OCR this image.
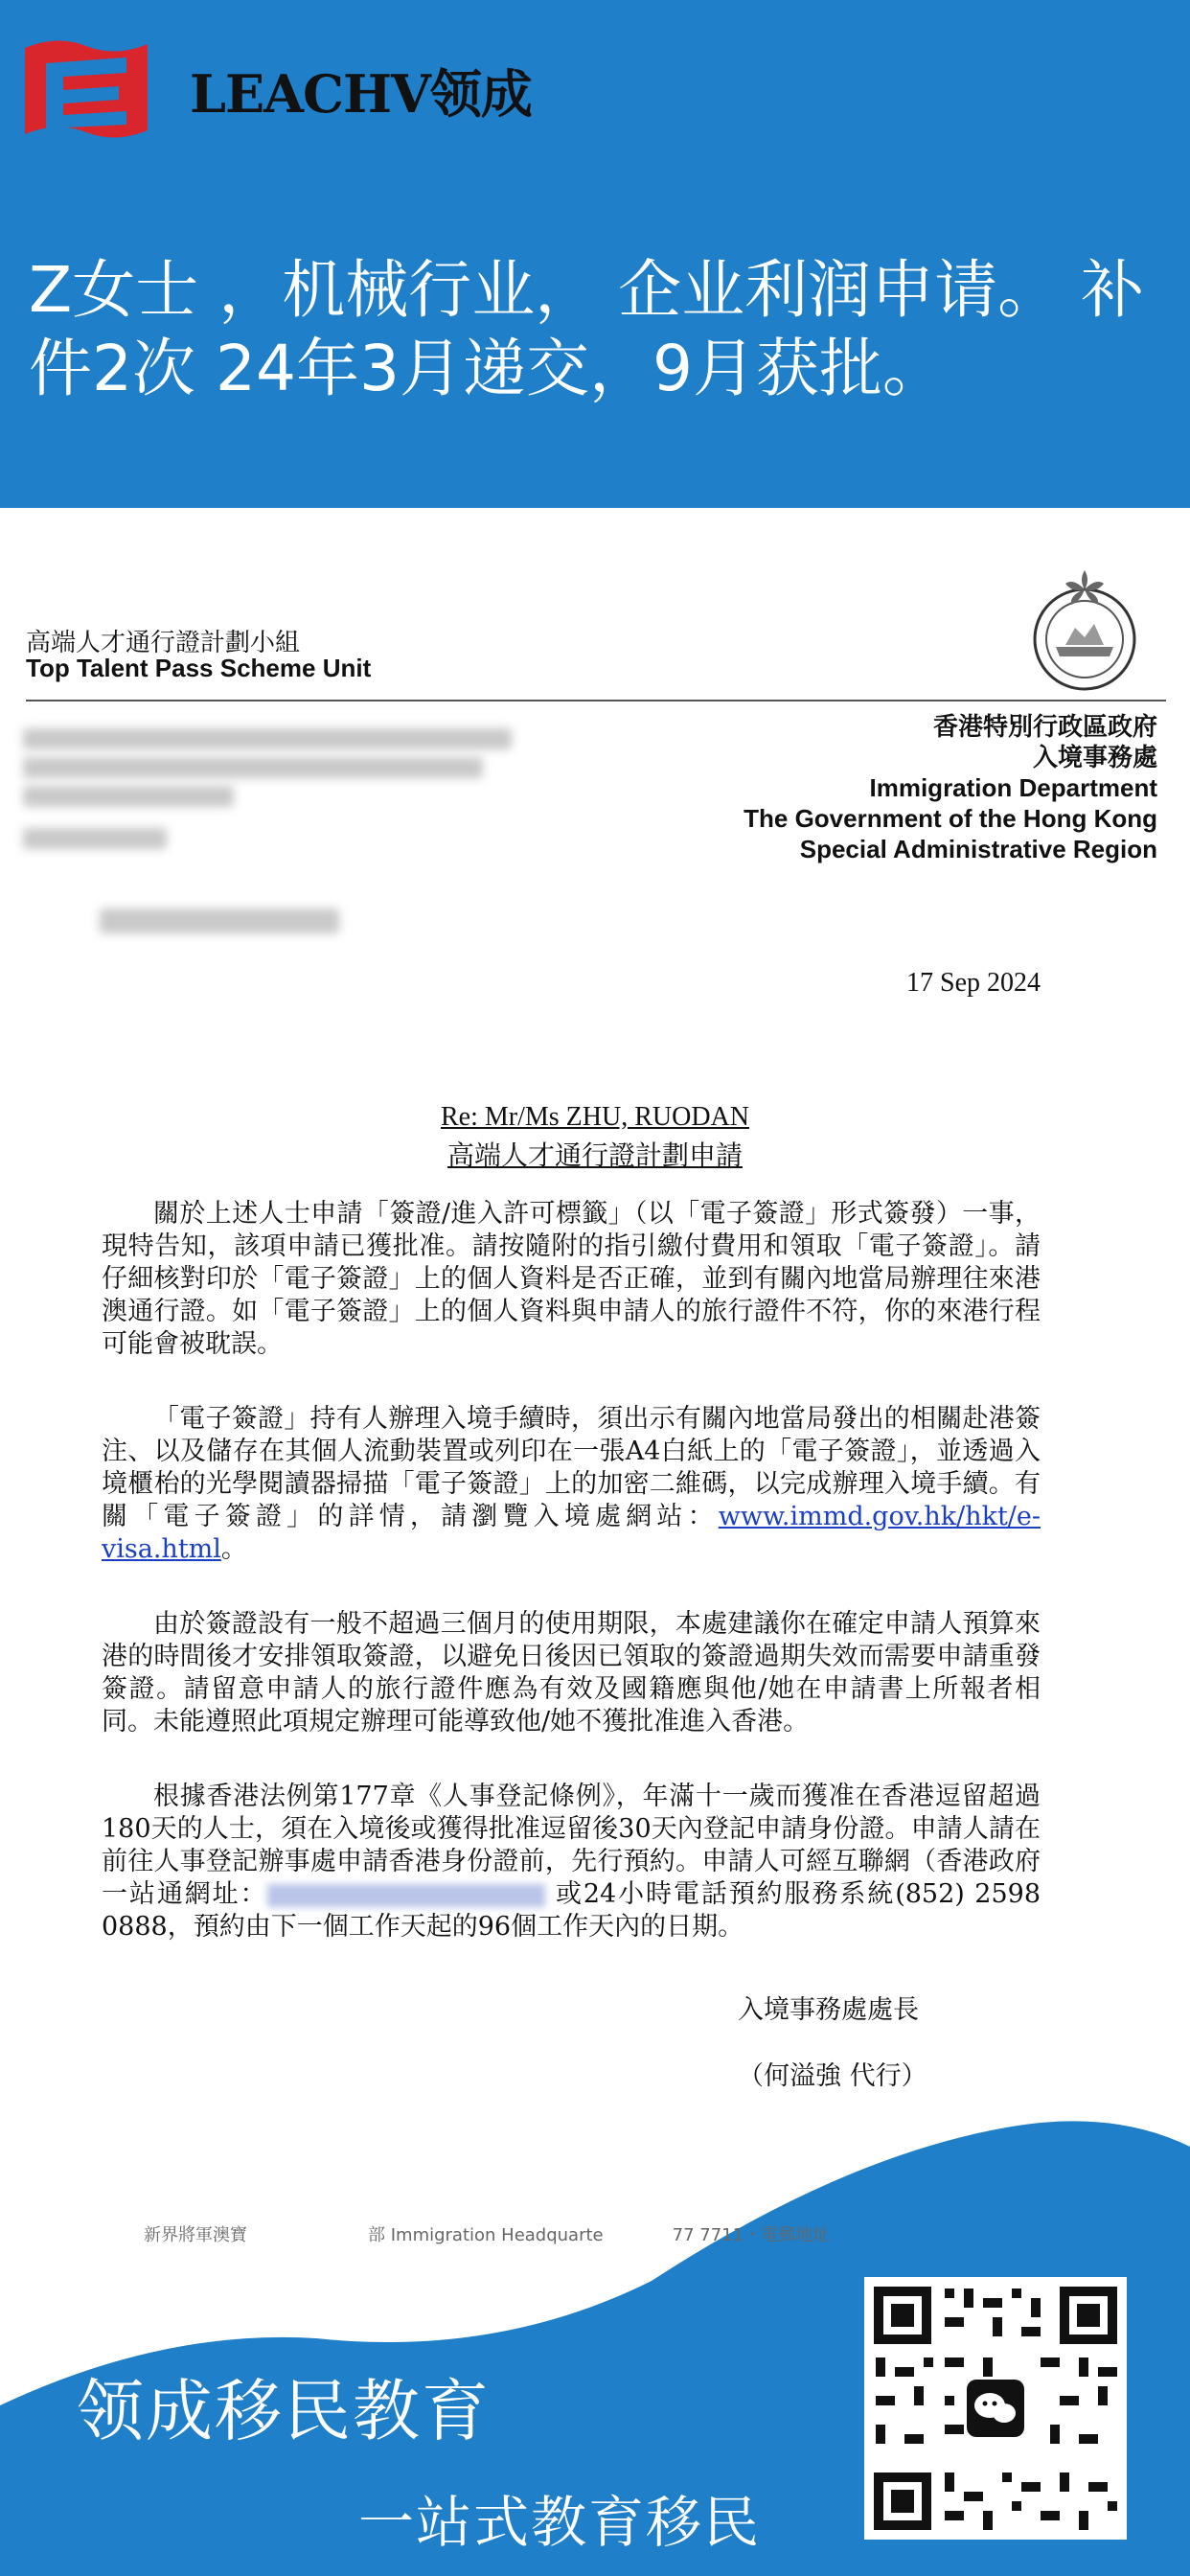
LEACHV领成
Z女士 ，机械行业， 企业利润申请。 补件2次 24年3月递交，9月获批。
高端人才通行證計劃小組
Top Talent Pass Scheme Unit
香港特別行政區政府
入境事務處
Immigration Department
The Government of the Hong Kong
Special Administrative Region
17 Sep 2024
Re: Mr/Ms ZHU, RUODAN
高端人才通行證計劃申請

關於上述人士申請「簽證/進入許可標籤」（以「電子簽證」形式簽發）一事，現特告知，該項申請已獲批准。請按隨附的指引繳付費用和領取「電子簽證」。請仔細核對印於「電子簽證」上的個人資料是否正確，並到有關內地當局辦理往來港澳通行證。如「電子簽證」上的個人資料與申請人的旅行證件不符，你的來港行程可能會被耽誤。

「電子簽證」持有人辦理入境手續時，須出示有關內地當局發出的相關赴港簽注、以及儲存在其個人流動裝置或列印在一張A4白紙上的「電子簽證」，並透過入境櫃枱的光學閱讀器掃描「電子簽證」上的加密二維碼，以完成辦理入境手續。有關「電子簽證」的詳情，請瀏覽入境處網站：www.immd.gov.hk/hkt/e-visa.html。

由於簽證設有一般不超過三個月的使用期限，本處建議你在確定申請人預算來港的時間後才安排領取簽證，以避免日後因已領取的簽證過期失效而需要申請重發簽證。請留意申請人的旅行證件應為有效及國籍應與他/她在申請書上所報者相同。未能遵照此項規定辦理可能導致他/她不獲批准進入香港。

根據香港法例第177章《人事登記條例》，年滿十一歲而獲准在香港逗留超過180天的人士，須在入境後或獲得批准逗留後30天內登記申請身份證。申請人請在前往人事登記辦事處申請香港身份證前，先行預約。申請人可經互聯網（香港政府一站通網址：	或24小時電話預約服務系統(852) 2598 0888，預約由下一個工作天起的96個工作天內的日期。

入境事務處處長
（何溢強 代行）
新界將軍澳寶　　　　　　　部 Immigration Headquarte　　　　77 7711・電郵地址
领成移民教育
一站式教育移民
